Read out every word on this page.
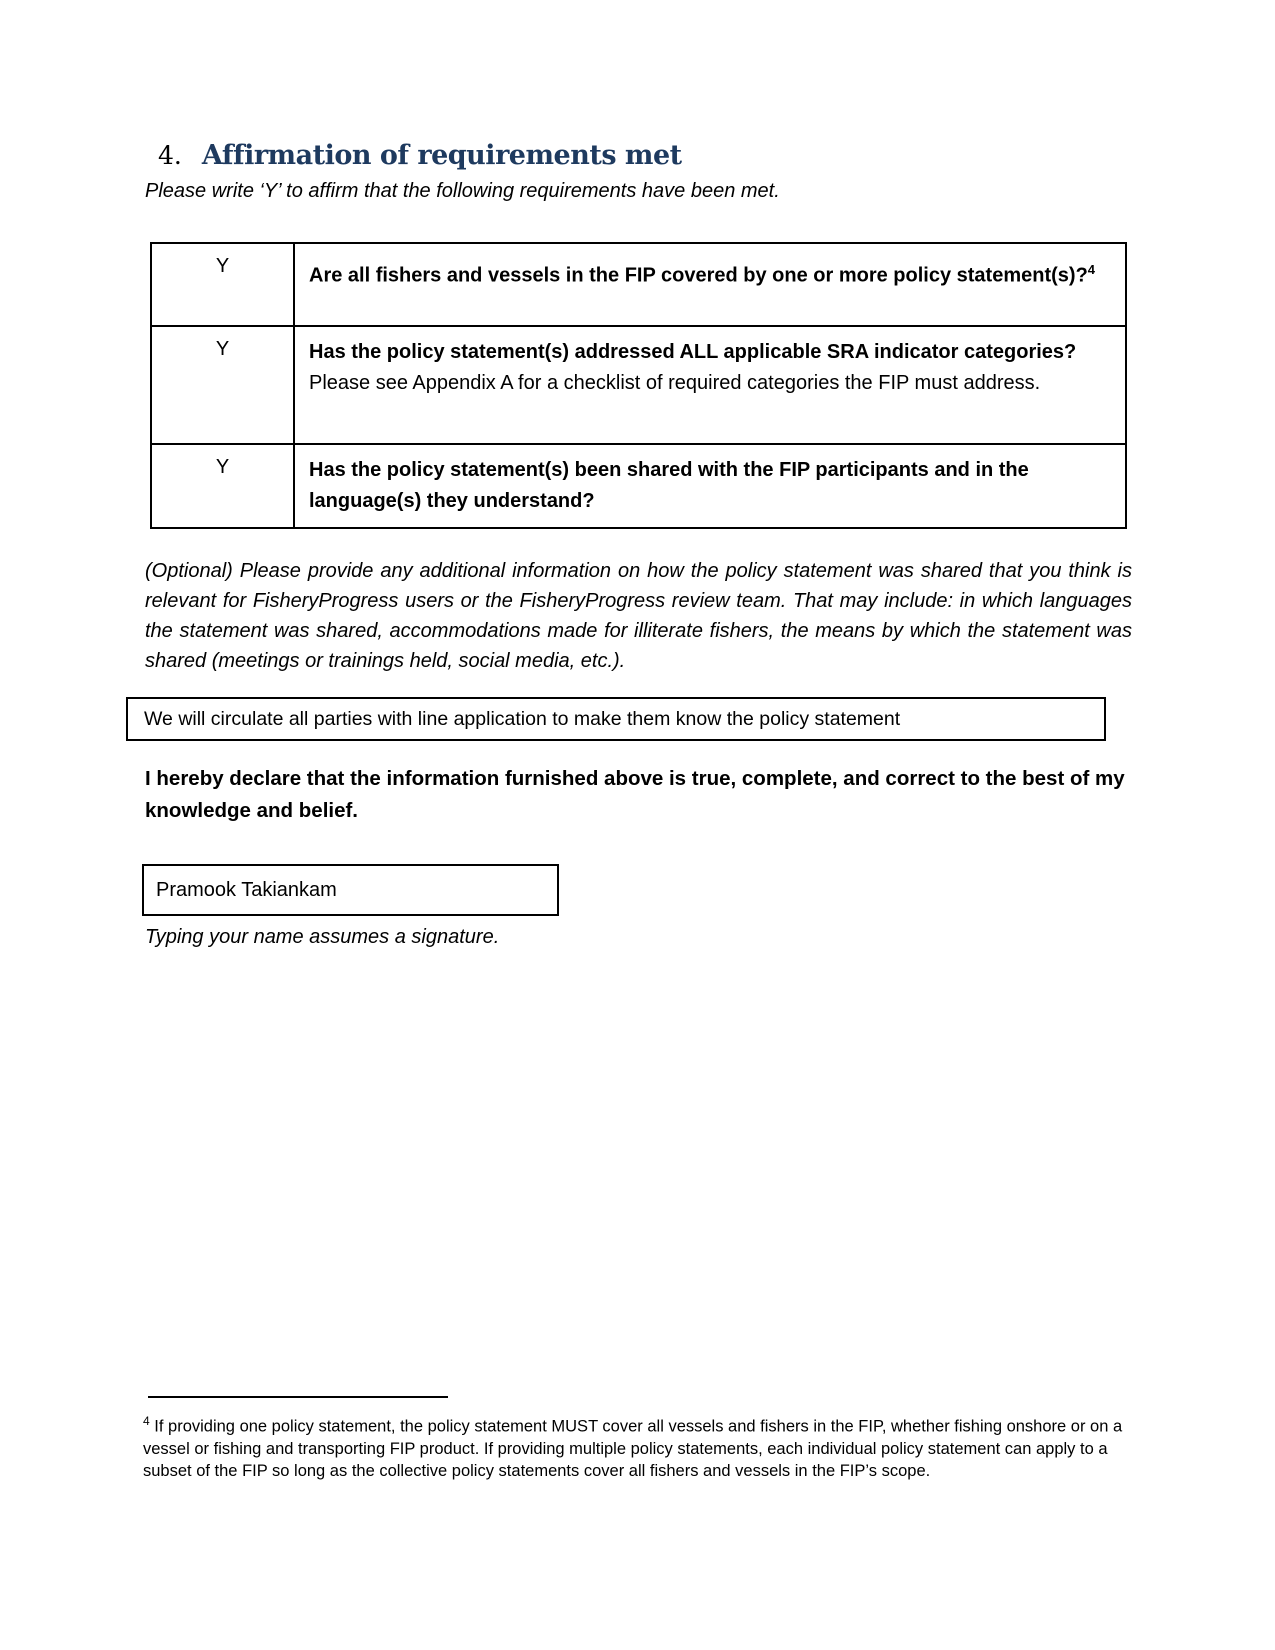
4. Affirmation of requirements met
Please write ‘Y’ to affirm that the following requirements have been met.
Y	Are all fishers and vessels in the FIP covered by one or more policy statement(s)?$^4$
Y	Has the policy statement(s) addressed ALL applicable SRA indicator categories? Please see Appendix A for a checklist of required categories the FIP must address.
Y	Has the policy statement(s) been shared with the FIP participants and in the language(s) they understand?
(Optional) Please provide any additional information on how the policy statement was shared that you think is relevant for FisheryProgress users or the FisheryProgress review team. That may include: in which languages the statement was shared, accommodations made for illiterate fishers, the means by which the statement was shared (meetings or trainings held, social media, etc.).
We will circulate all parties with line application to make them know the policy statement
I hereby declare that the information furnished above is true, complete, and correct to the best of my knowledge and belief.
Pramook Takiankam
Typing your name assumes a signature.
$^4$ If providing one policy statement, the policy statement MUST cover all vessels and fishers in the FIP, whether fishing onshore or on a vessel or fishing and transporting FIP product. If providing multiple policy statements, each individual policy statement can apply to a subset of the FIP so long as the collective policy statements cover all fishers and vessels in the FIP’s scope.
